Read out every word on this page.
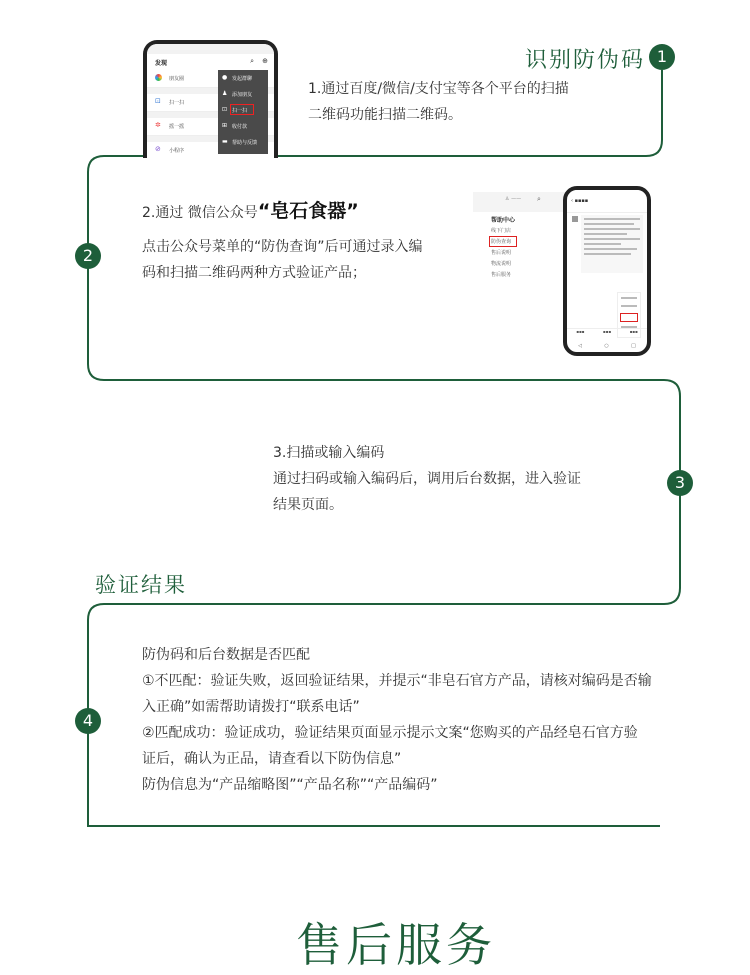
发现	⌕ ⊕
朋友圈
⊡ 扫一扫
✲ 摇一摇
⊘ 小程序
● 发起群聊
♟ 添加朋友
⊡ 扫一扫
⊞ 收付款
▬ 帮助与反馈
识别防伪码 1
1.通过百度/微信/支付宝等各个平台的扫描
二维码功能扫描二维码。
2
2.通过 微信公众号“皂石食器”
点击公众号菜单的“防伪查询”后可通过录入编
码和扫描二维码两种方式验证产品；
♙ —— ⌕
帮助中心
线下门店
防伪查询
售后说明
物流说明
售后服务
‹ ▪▪▪▪
▪▪▪	▪▪▪	▪▪▪
◁	○	□
3.扫描或输入编码
通过扫码或输入编码后，调用后台数据，进入验证
结果页面。
3
验证结果
4
防伪码和后台数据是否匹配
①不匹配：验证失败，返回验证结果，并提示“非皂石官方产品，请核对编码是否输
入正确”如需帮助请拨打“联系电话”
②匹配成功：验证成功，验证结果页面显示提示文案“您购买的产品经皂石官方验
证后，确认为正品，请查看以下防伪信息”
防伪信息为“产品缩略图”“产品名称”“产品编码”
售后服务
